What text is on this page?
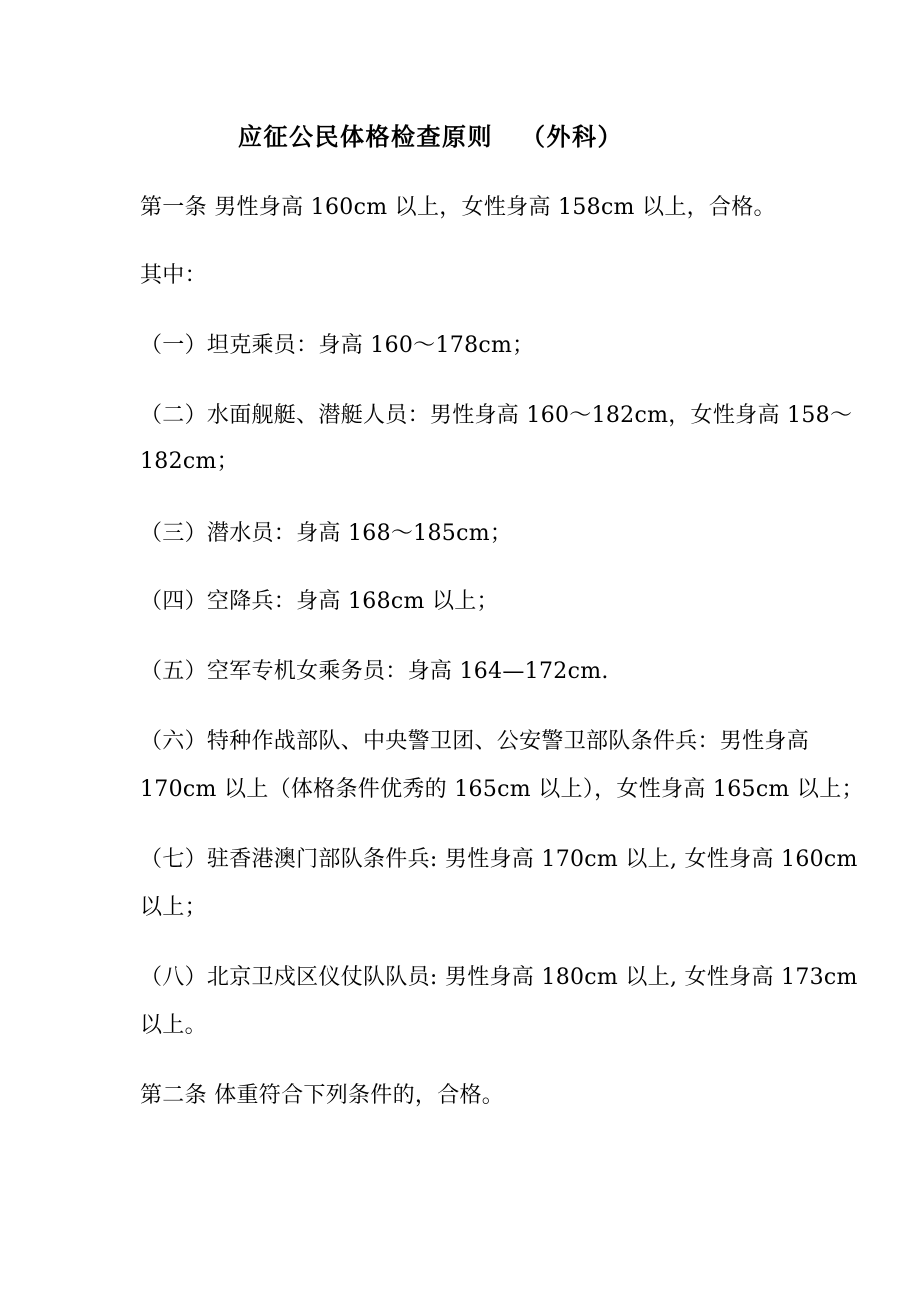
应征公民体格检查原则 （外科）
第一条 男性身高 160cm 以上，女性身高 158cm 以上，合格。
其中：
（一）坦克乘员：身高 160～178cm；
（二）水面舰艇、潜艇人员：男性身高 160～182cm，女性身高 158～
182cm；
（三）潜水员：身高 168～185cm；
（四）空降兵：身高 168cm 以上；
（五）空军专机女乘务员：身高 164—172cm.
（六）特种作战部队、中央警卫团、公安警卫部队条件兵：男性身高
170cm 以上（体格条件优秀的 165cm 以上），女性身高 165cm 以上；
（七）驻香港澳门部队条件兵: 男性身高 170cm 以上, 女性身高 160cm
以上；
（八）北京卫戍区仪仗队队员: 男性身高 180cm 以上, 女性身高 173cm
以上。
第二条 体重符合下列条件的，合格。
